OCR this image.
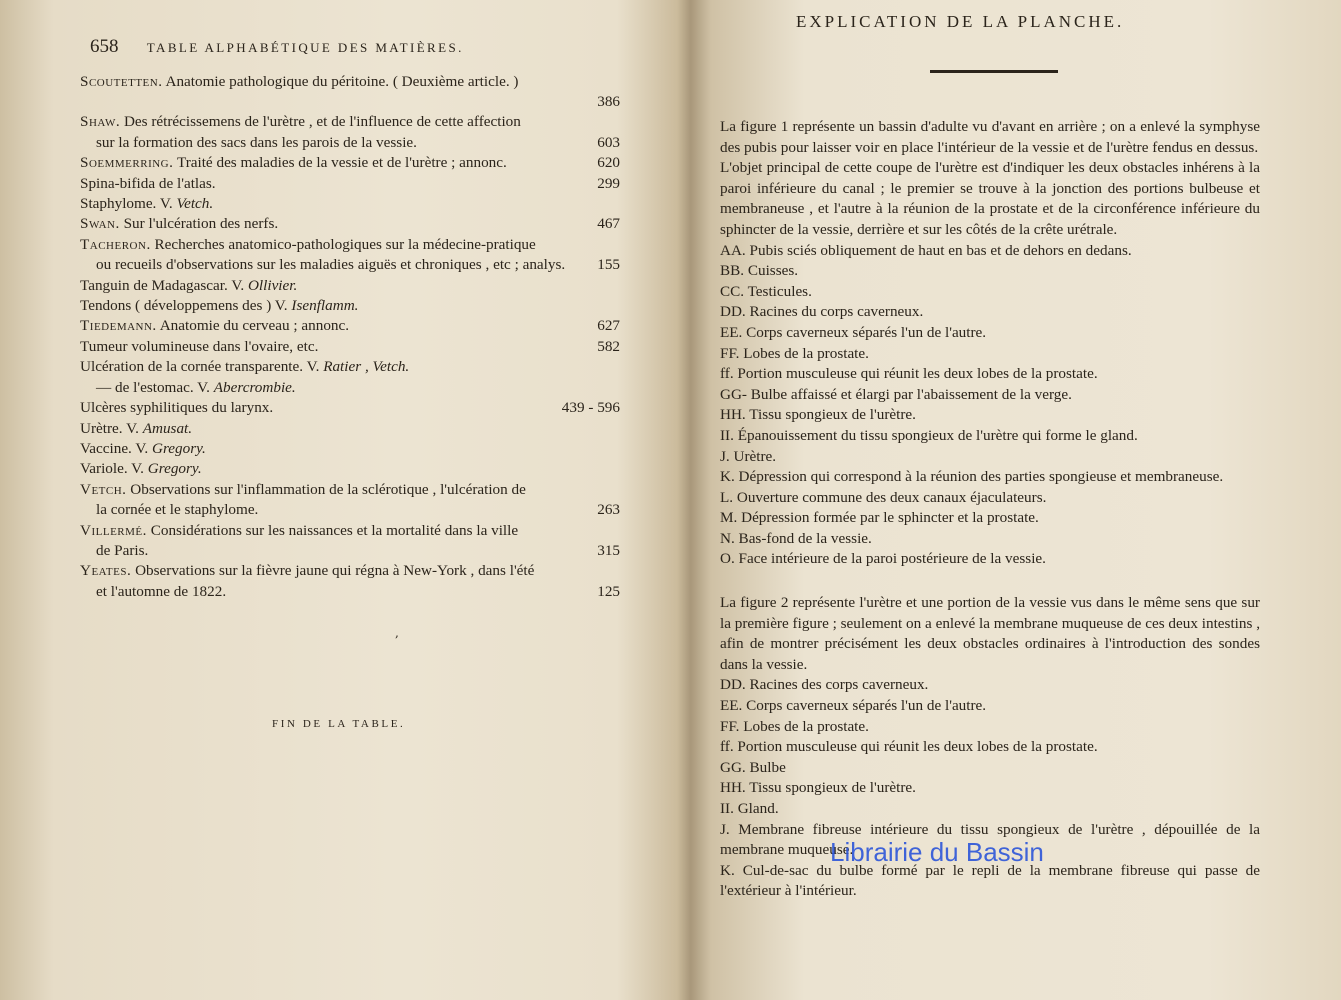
658 TABLE ALPHABÉTIQUE DES MATIÈRES.
Scoutetten. Anatomie pathologique du péritoine. ( Deuxième article. )
386
Shaw. Des rétrécissemens de l'urètre , et de l'influence de cette affection
sur la formation des sacs dans les parois de la vessie.	603
Soemmerring. Traité des maladies de la vessie et de l'urètre ; annonc.	620
Spina-bifida de l'atlas.	299
Staphylome. V. Vetch.
Swan. Sur l'ulcération des nerfs.	467
Tacheron. Recherches anatomico-pathologiques sur la médecine-pratique
ou recueils d'observations sur les maladies aiguës et chroniques , etc ; analys.	155
Tanguin de Madagascar. V. Ollivier.
Tendons ( développemens des ) V. Isenflamm.
Tiedemann. Anatomie du cerveau ; annonc.	627
Tumeur volumineuse dans l'ovaire, etc.	582
Ulcération de la cornée transparente. V. Ratier , Vetch.
— de l'estomac. V. Abercrombie.
Ulcères syphilitiques du larynx.	439 - 596
Urètre. V. Amusat.
Vaccine. V. Gregory.
Variole. V. Gregory.
Vetch. Observations sur l'inflammation de la sclérotique , l'ulcération de
la cornée et le staphylome.	263
Villermé. Considérations sur les naissances et la mortalité dans la ville
de Paris.	315
Yeates. Observations sur la fièvre jaune qui régna à New-York , dans l'été
et l'automne de 1822.	125
,
FIN DE LA TABLE.
EXPLICATION DE LA PLANCHE.
La figure 1 représente un bassin d'adulte vu d'avant en arrière ; on a enlevé la symphyse des pubis pour laisser voir en place l'intérieur de la vessie et de l'urètre fendus en dessus.
L'objet principal de cette coupe de l'urètre est d'indiquer les deux obstacles inhérens à la paroi inférieure du canal ; le premier se trouve à la jonction des portions bulbeuse et membraneuse , et l'autre à la réunion de la prostate et de la circonférence inférieure du sphincter de la vessie, derrière et sur les côtés de la crête urétrale.
AA. Pubis sciés obliquement de haut en bas et de dehors en dedans.
BB. Cuisses.
CC. Testicules.
DD. Racines du corps caverneux.
EE. Corps caverneux séparés l'un de l'autre.
FF. Lobes de la prostate.
ff. Portion musculeuse qui réunit les deux lobes de la prostate.
GG- Bulbe affaissé et élargi par l'abaissement de la verge.
HH. Tissu spongieux de l'urètre.
II. Épanouissement du tissu spongieux de l'urètre qui forme le gland.
J. Urètre.
K. Dépression qui correspond à la réunion des parties spongieuse et membraneuse.
L. Ouverture commune des deux canaux éjaculateurs.
M. Dépression formée par le sphincter et la prostate.
N. Bas-fond de la vessie.
O. Face intérieure de la paroi postérieure de la vessie.
La figure 2 représente l'urètre et une portion de la vessie vus dans le même sens que sur la première figure ; seulement on a enlevé la membrane muqueuse de ces deux intestins , afin de montrer précisément les deux obstacles ordinaires à l'introduction des sondes dans la vessie.
DD. Racines des corps caverneux.
EE. Corps caverneux séparés l'un de l'autre.
FF. Lobes de la prostate.
ff. Portion musculeuse qui réunit les deux lobes de la prostate.
GG. Bulbe
HH. Tissu spongieux de l'urètre.
II. Gland.
J. Membrane fibreuse intérieure du tissu spongieux de l'urètre , dépouillée de la membrane muqueuse.
K. Cul-de-sac du bulbe formé par le repli de la membrane fibreuse qui passe de l'extérieur à l'intérieur.
Librairie du Bassin
